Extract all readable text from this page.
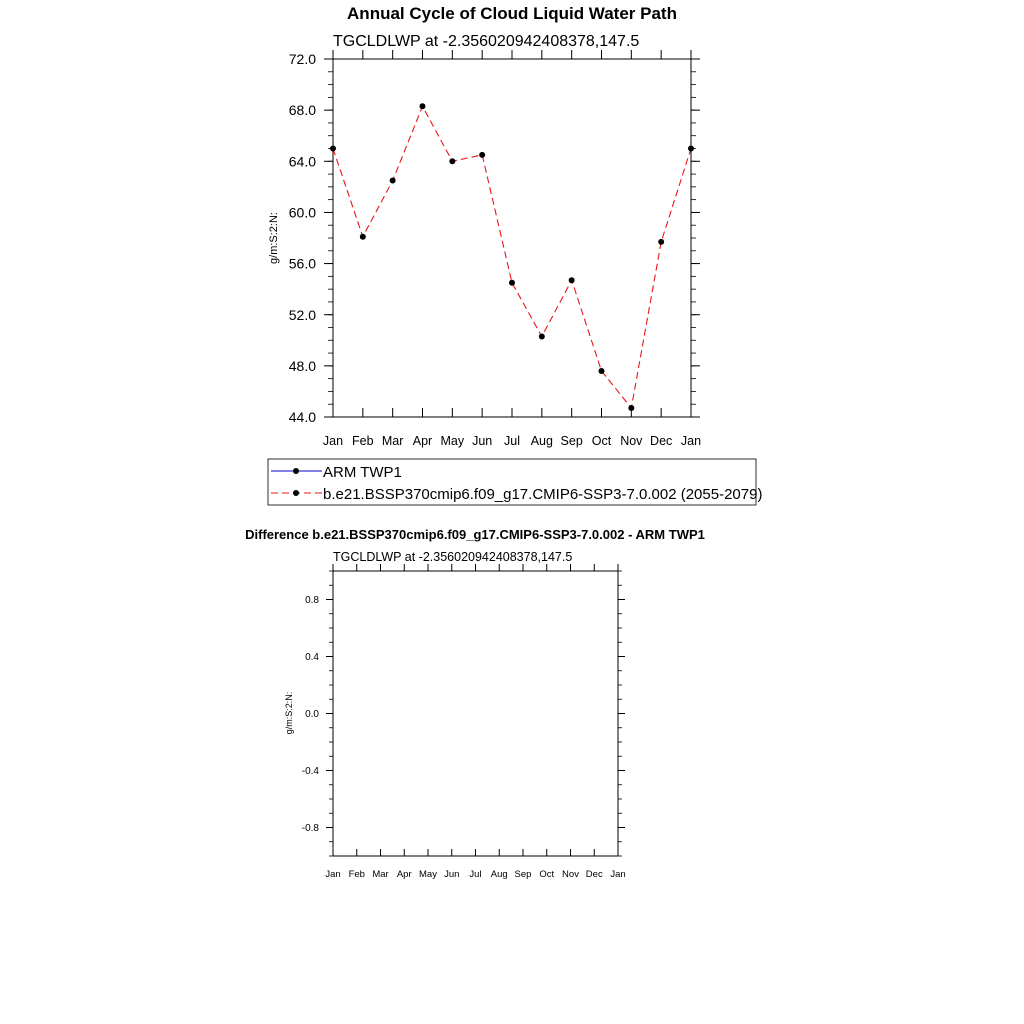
Annual Cycle of Cloud Liquid Water Path
TGCLDLWP at -2.356020942408378,147.5
g/m:S:2:N:
44.0
48.0
52.0
56.0
60.0
64.0
68.0
72.0
Jan Feb Mar Apr May Jun Jul Aug Sep Oct Nov Dec Jan
ARM TWP1
b.e21.BSSP370cmip6.f09_g17.CMIP6-SSP3-7.0.002 (2055-2079)
Difference b.e21.BSSP370cmip6.f09_g17.CMIP6-SSP3-7.0.002 - ARM TWP1
TGCLDLWP at -2.356020942408378,147.5
g/m:S:2:N:
-0.8
-0.4
0.0
0.4
0.8
Jan Feb Mar Apr May Jun Jul Aug Sep Oct Nov Dec Jan
